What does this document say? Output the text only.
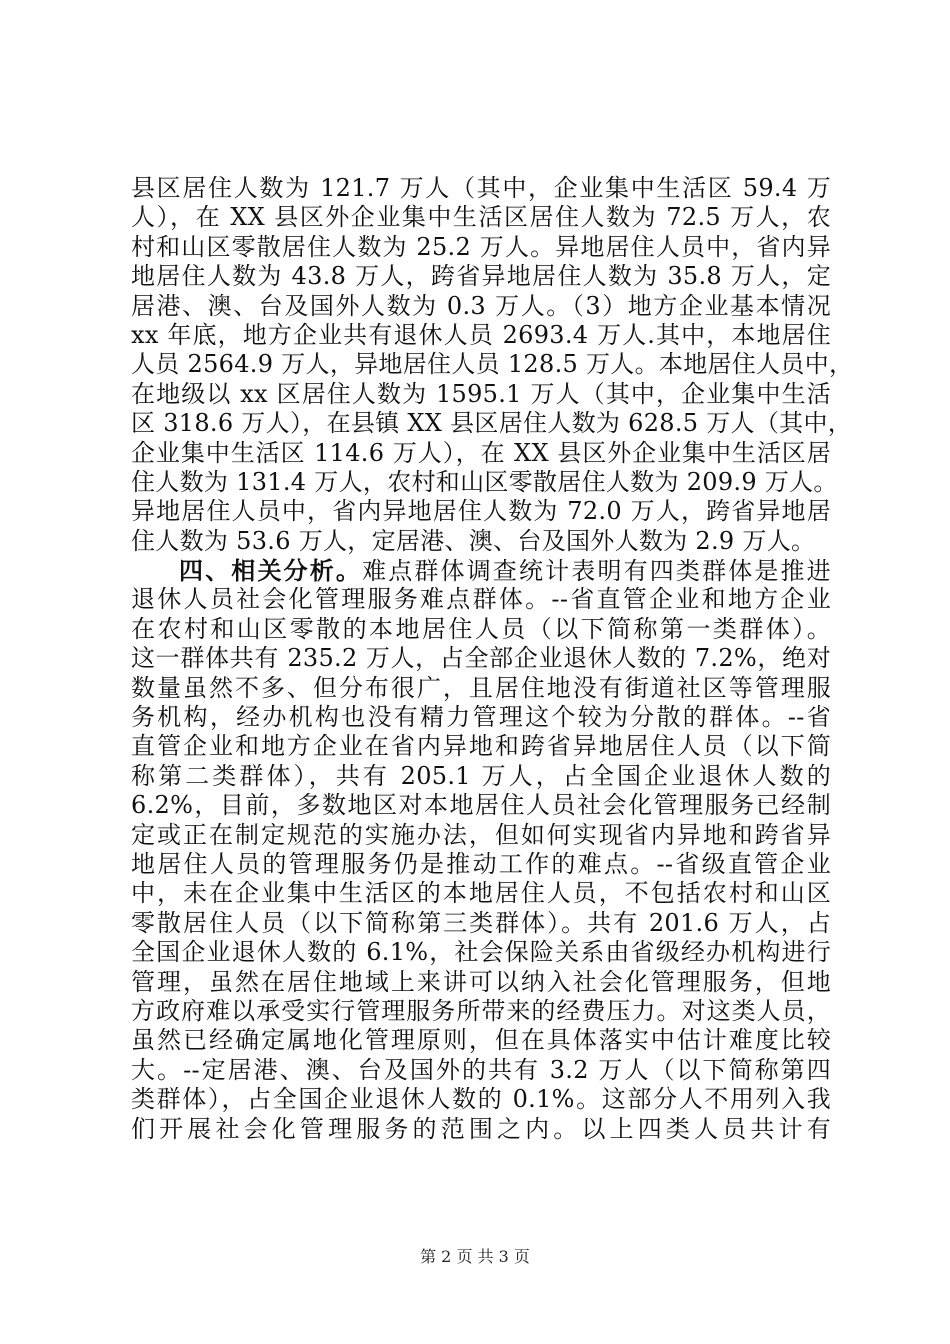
县区居住人数为 121.7 万人（其中，企业集中生活区 59.4 万
人），在 XX 县区外企业集中生活区居住人数为 72.5 万人，农
村和山区零散居住人数为 25.2 万人。异地居住人员中，省内异
地居住人数为 43.8 万人，跨省异地居住人数为 35.8 万人，定
居港、澳、台及国外人数为 0.3 万人。（3）地方企业基本情况
xx 年底，地方企业共有退休人员 2693.4 万人.其中，本地居住
人员 2564.9 万人，异地居住人员 128.5 万人。本地居住人员中，
在地级以 xx 区居住人数为 1595.1 万人（其中，企业集中生活
区 318.6 万人），在县镇 XX 县区居住人数为 628.5 万人（其中，
企业集中生活区 114.6 万人），在 XX 县区外企业集中生活区居
住人数为 131.4 万人，农村和山区零散居住人数为 209.9 万人。
异地居住人员中，省内异地居住人数为 72.0 万人，跨省异地居
住人数为 53.6 万人，定居港、澳、台及国外人数为 2.9 万人。
四、相关分析。难点群体调查统计表明有四类群体是推进
退休人员社会化管理服务难点群体。--省直管企业和地方企业
在农村和山区零散的本地居住人员（以下简称第一类群体）。
这一群体共有 235.2 万人，占全部企业退休人数的 7.2%，绝对
数量虽然不多、但分布很广，且居住地没有街道社区等管理服
务机构，经办机构也没有精力管理这个较为分散的群体。--省
直管企业和地方企业在省内异地和跨省异地居住人员（以下简
称第二类群体），共有 205.1 万人，占全国企业退休人数的
6.2%，目前，多数地区对本地居住人员社会化管理服务已经制
定或正在制定规范的实施办法，但如何实现省内异地和跨省异
地居住人员的管理服务仍是推动工作的难点。--省级直管企业
中，未在企业集中生活区的本地居住人员，不包括农村和山区
零散居住人员（以下简称第三类群体）。共有 201.6 万人，占
全国企业退休人数的 6.1%，社会保险关系由省级经办机构进行
管理，虽然在居住地域上来讲可以纳入社会化管理服务，但地
方政府难以承受实行管理服务所带来的经费压力。对这类人员，
虽然已经确定属地化管理原则，但在具体落实中估计难度比较
大。--定居港、澳、台及国外的共有 3.2 万人（以下简称第四
类群体），占全国企业退休人数的 0.1%。这部分人不用列入我
们开展社会化管理服务的范围之内。以上四类人员共计有
第 2 页 共 3 页
